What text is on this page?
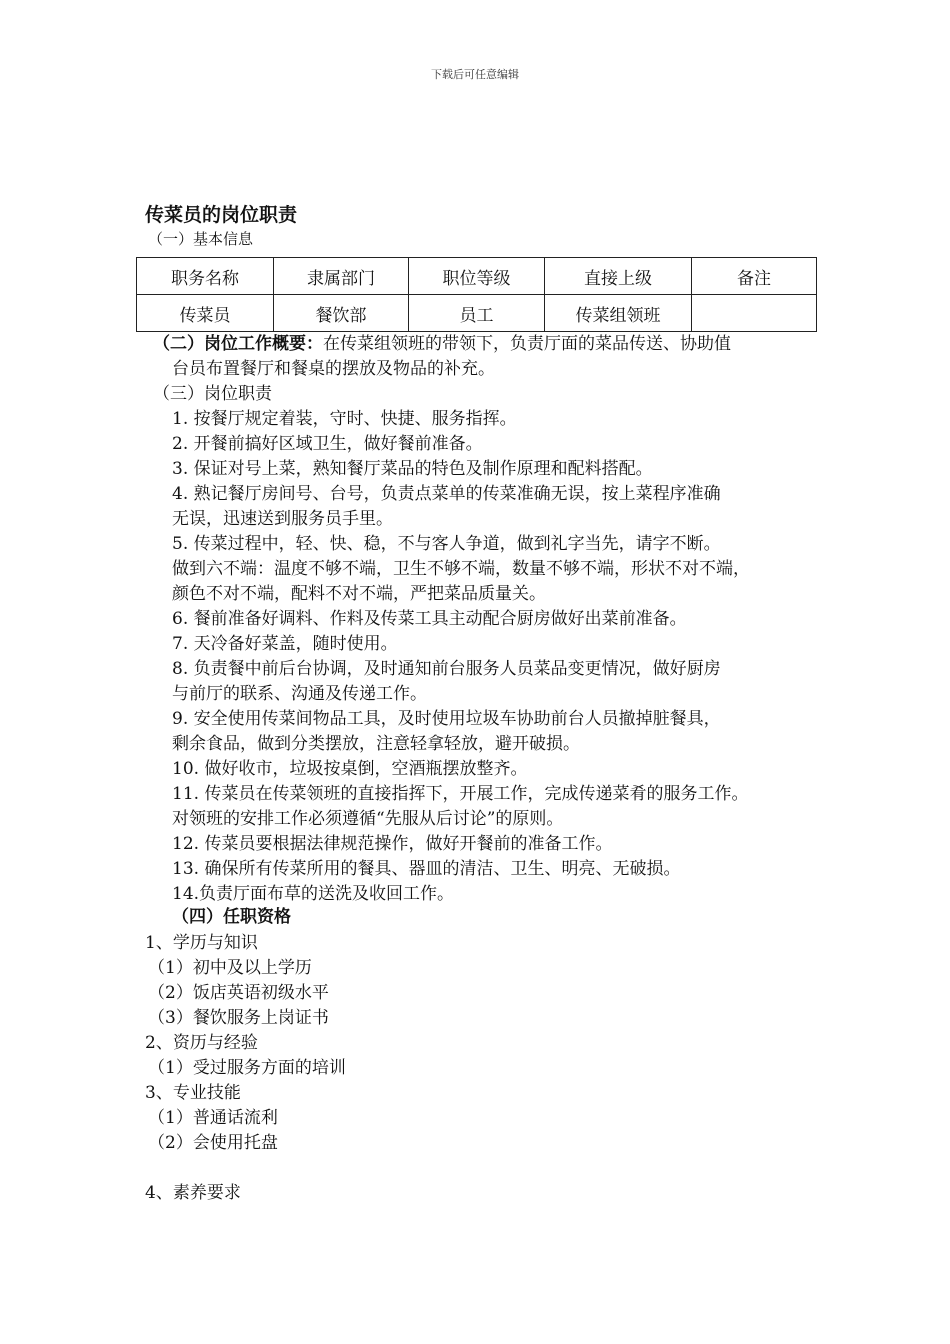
下载后可任意编辑
传菜员的岗位职责
（一）基本信息
职务名称	隶属部门	职位等级	直接上级	备注
传菜员	餐饮部	员工	传菜组领班	
（二）岗位工作概要：在传菜组领班的带领下，负责厅面的菜品传送、协助值
台员布置餐厅和餐桌的摆放及物品的补充。
（三）岗位职责
1. 按餐厅规定着装，守时、快捷、服务指挥。
2. 开餐前搞好区域卫生，做好餐前准备。
3. 保证对号上菜，熟知餐厅菜品的特色及制作原理和配料搭配。
4. 熟记餐厅房间号、台号，负责点菜单的传菜准确无误，按上菜程序准确
无误，迅速送到服务员手里。
5. 传菜过程中，轻、快、稳，不与客人争道，做到礼字当先，请字不断。
做到六不端：温度不够不端，卫生不够不端，数量不够不端，形状不对不端，
颜色不对不端，配料不对不端，严把菜品质量关。
6. 餐前准备好调料、作料及传菜工具主动配合厨房做好出菜前准备。
7. 天冷备好菜盖，随时使用。
8. 负责餐中前后台协调，及时通知前台服务人员菜品变更情况，做好厨房
与前厅的联系、沟通及传递工作。
9. 安全使用传菜间物品工具，及时使用垃圾车协助前台人员撤掉脏餐具，
剩余食品，做到分类摆放，注意轻拿轻放，避开破损。
10. 做好收市，垃圾按桌倒，空酒瓶摆放整齐。
11. 传菜员在传菜领班的直接指挥下，开展工作，完成传递菜肴的服务工作。
对领班的安排工作必须遵循“先服从后讨论”的原则。
12. 传菜员要根据法律规范操作，做好开餐前的准备工作。
13. 确保所有传菜所用的餐具、器皿的清洁、卫生、明亮、无破损。
14.负责厅面布草的送洗及收回工作。
（四）任职资格
1、学历与知识
（1）初中及以上学历
（2）饭店英语初级水平
（3）餐饮服务上岗证书
2、资历与经验
（1）受过服务方面的培训
3、专业技能
（1）普通话流利
（2）会使用托盘
4、素养要求
